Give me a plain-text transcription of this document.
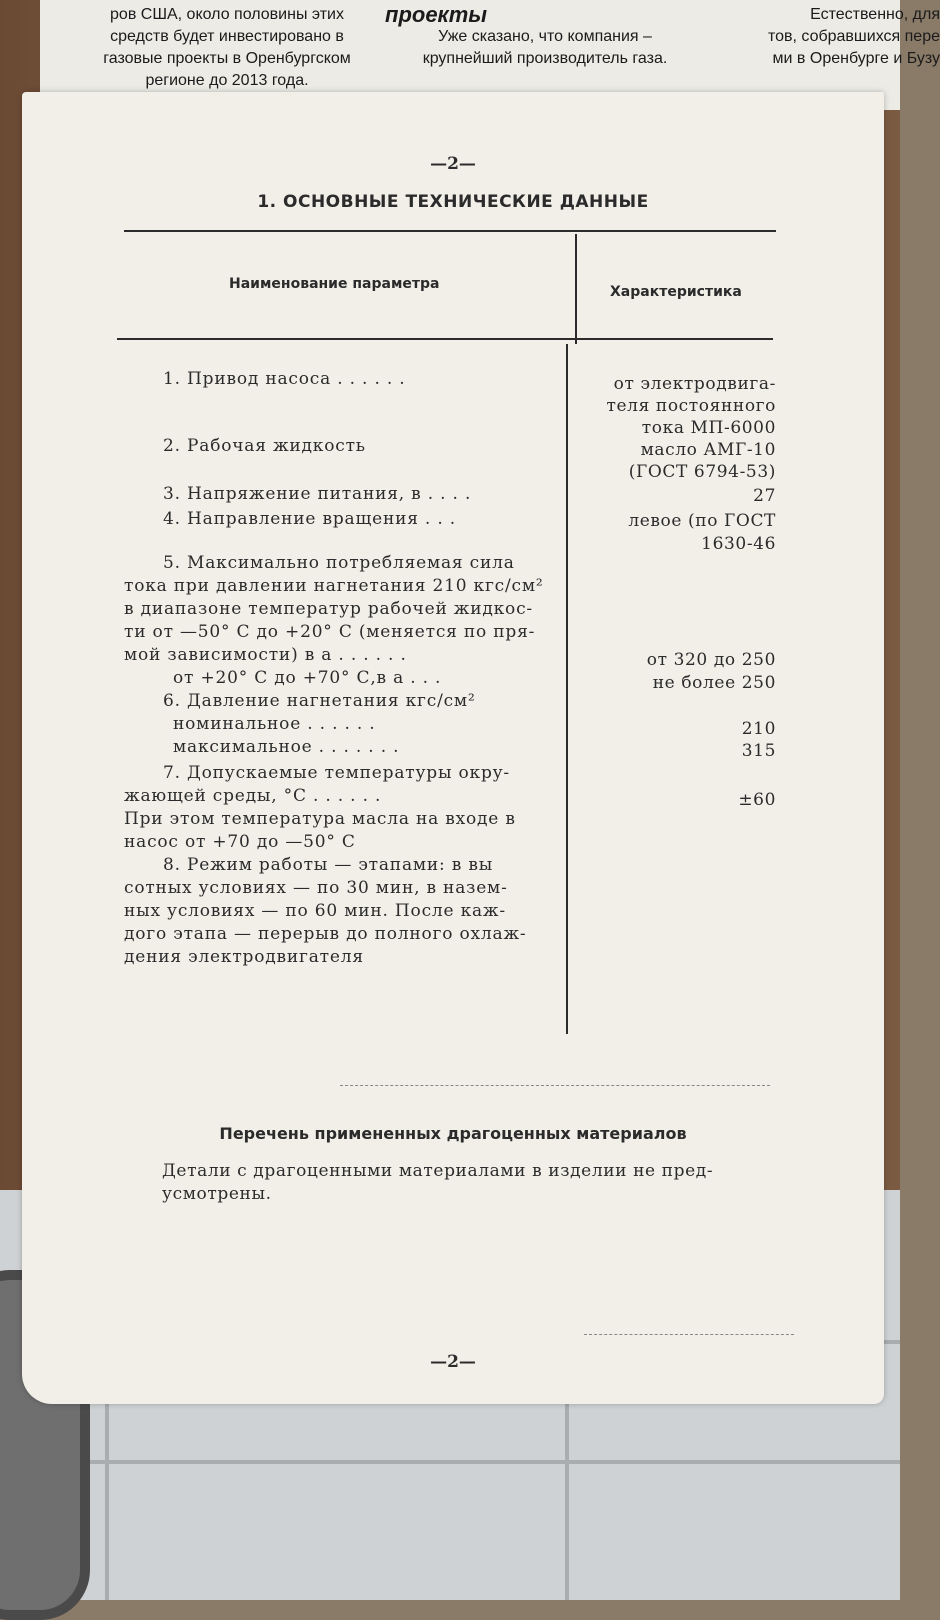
ров США, около половины этих
средств будет инвестировано в
газовые проекты в Оренбургском
регионе до 2013 года.
проекты
Уже сказано, что компания –
крупнейший производитель газа.
Естественно, для
тов, собравшихся пере
ми в Оренбурге и Бузу
—2—
1. ОСНОВНЫЕ ТЕХНИЧЕСКИЕ ДАННЫЕ
Наименование параметра	Характеристика
1. Привод насоса . . . . . .
2. Рабочая жидкость
3. Напряжение питания, в . . . .
4. Направление вращения . . .
5. Максимально потребляемая сила
тока при давлении нагнетания 210 кгс/см²
в диапазоне температур рабочей жидкос-
ти от —50° С до +20° С (меняется по пря-
мой зависимости) в а . . . . . .
от +20° С до +70° С,в а . . .
6. Давление нагнетания кгс/см²
номинальное . . . . . .
максимальное . . . . . . .
7. Допускаемые температуры окру-
жающей среды, °С . . . . . .
При этом температура масла на входе в
насос от +70 до —50° С
8. Режим работы — этапами: в вы
сотных условиях — по 30 мин, в назем-
ных условиях — по 60 мин. После каж-
дого этапа — перерыв до полного охлаж-
дения электродвигателя
от электродвига-
теля постоянного
тока МП-6000
масло АМГ-10
(ГОСТ 6794-53)
27
левое (по ГОСТ
1630-46
от 320 до 250
не более 250
210
315
±60
Перечень примененных драгоценных материалов
Детали с драгоценными материалами в изделии не пред-усмотрены.
—2—
